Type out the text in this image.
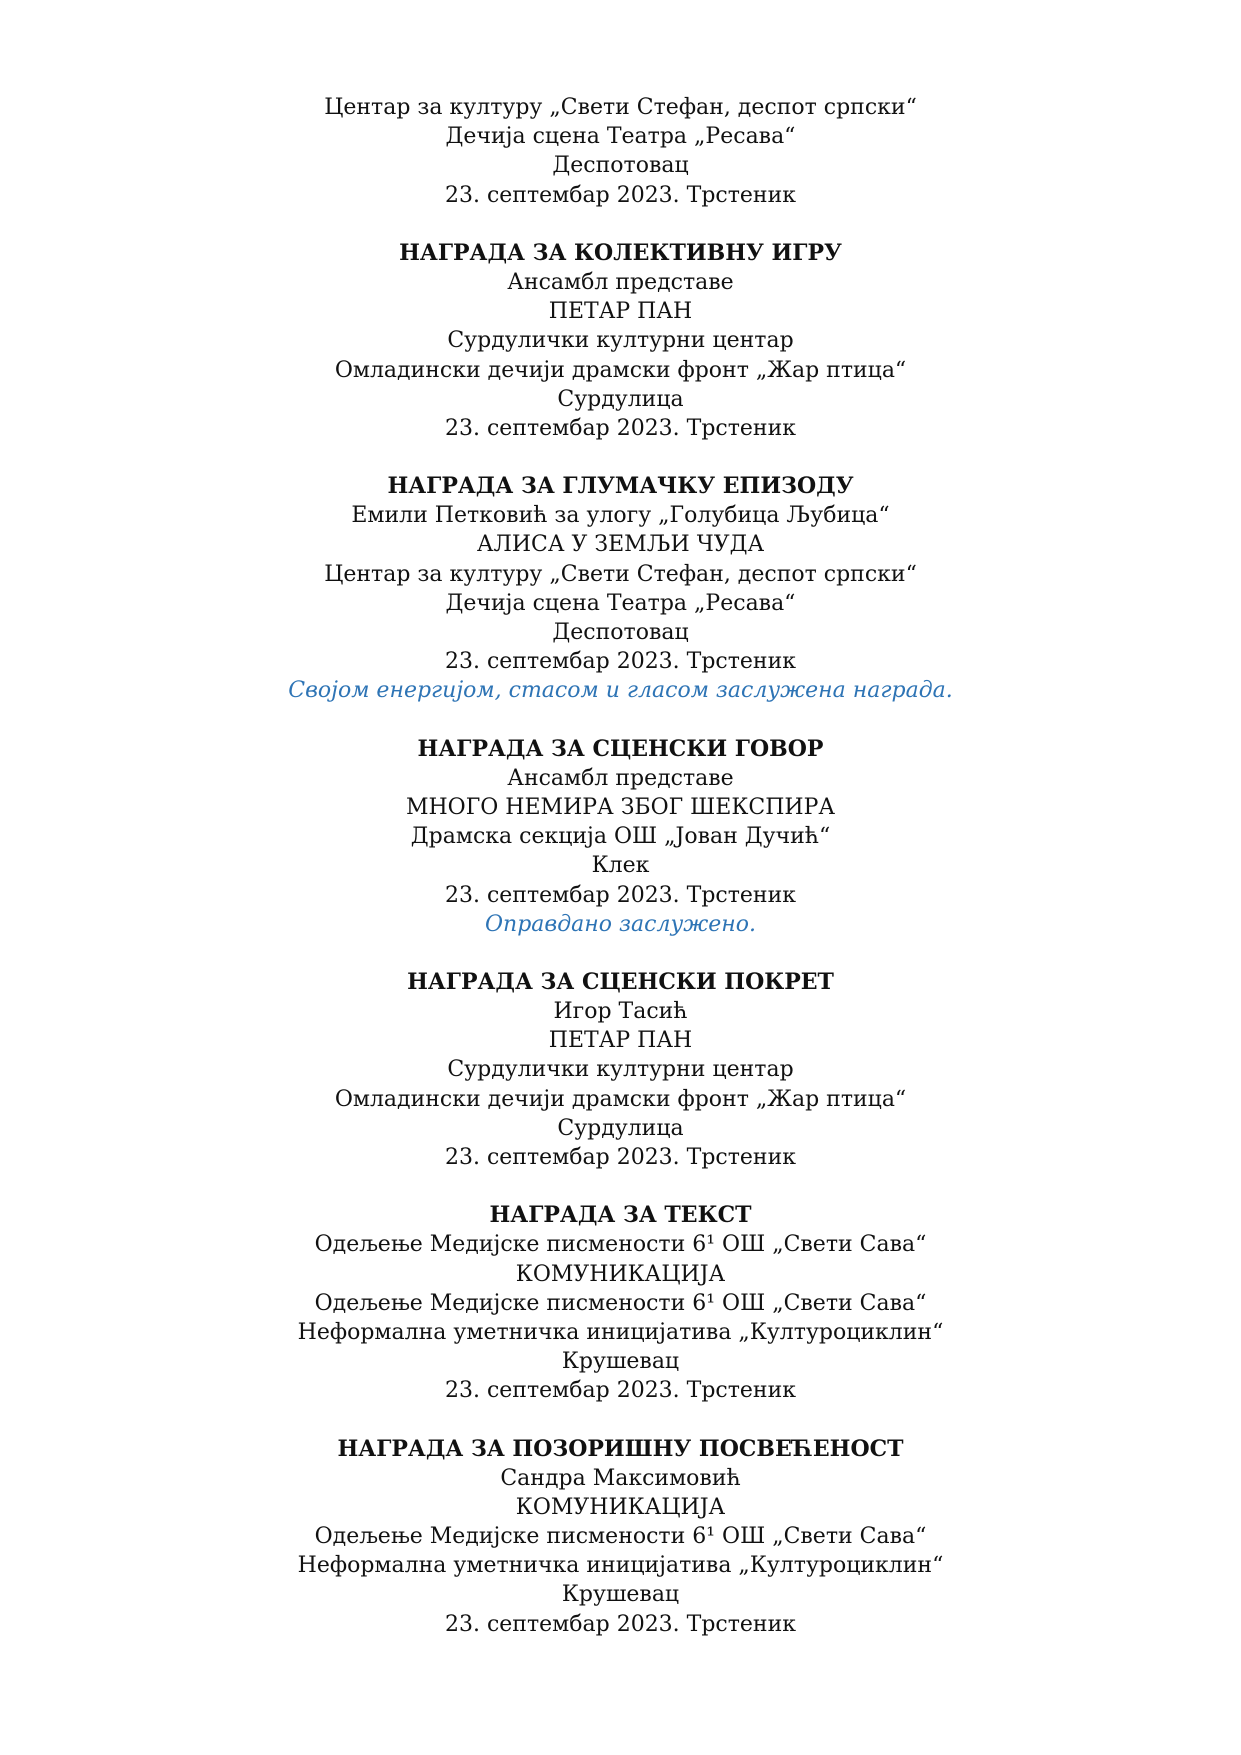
Центар за културу „Свети Стефан, деспот српски“
Дечија сцена Театра „Ресава“
Деспотовац
23. септембар 2023. Трстеник
НАГРАДА ЗА КОЛЕКТИВНУ ИГРУ
Ансамбл представе
ПЕТАР ПАН
Сурдулички културни центар
Омладински дечији драмски фронт „Жар птица“
Сурдулица
23. септембар 2023. Трстеник
НАГРАДА ЗА ГЛУМАЧКУ ЕПИЗОДУ
Емили Петковић за улогу „Голубица Љубица“
АЛИСА У ЗЕМЉИ ЧУДА
Центар за културу „Свети Стефан, деспот српски“
Дечија сцена Театра „Ресава“
Деспотовац
23. септембар 2023. Трстеник
Својом енергијом, стасом и гласом заслужена награда.
НАГРАДА ЗА СЦЕНСКИ ГОВОР
Ансамбл представе
МНОГО НЕМИРА ЗБОГ ШЕКСПИРА
Драмска секција ОШ „Јован Дучић“
Клек
23. септембар 2023. Трстеник
Оправдано заслужено.
НАГРАДА ЗА СЦЕНСКИ ПОКРЕТ
Игор Тасић
ПЕТАР ПАН
Сурдулички културни центар
Омладински дечији драмски фронт „Жар птица“
Сурдулица
23. септембар 2023. Трстеник
НАГРАДА ЗА ТЕКСТ
Одељење Медијске писмености 6¹ ОШ „Свети Сава“
КОМУНИКАЦИЈА
Одељење Медијске писмености 6¹ ОШ „Свети Сава“
Неформална уметничка иницијатива „Културоциклин“
Крушевац
23. септембар 2023. Трстеник
НАГРАДА ЗА ПОЗОРИШНУ ПОСВЕЋЕНОСТ
Сандра Максимовић
КОМУНИКАЦИЈА
Одељење Медијске писмености 6¹ ОШ „Свети Сава“
Неформална уметничка иницијатива „Културоциклин“
Крушевац
23. септембар 2023. Трстеник
